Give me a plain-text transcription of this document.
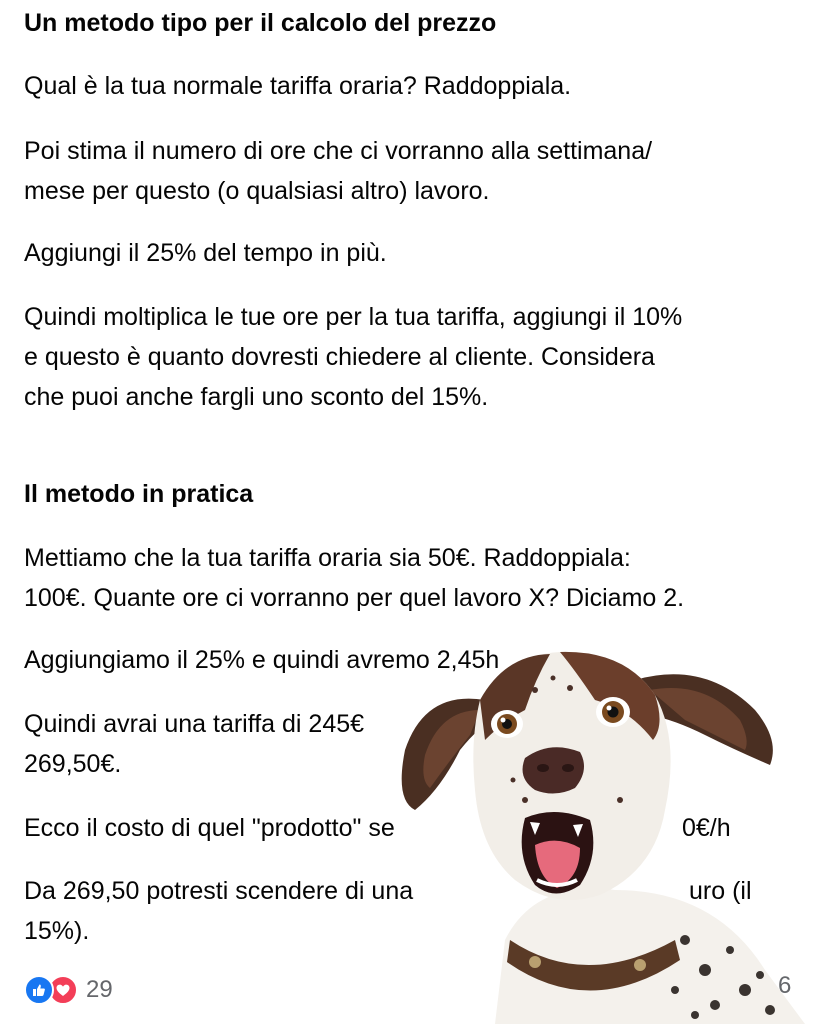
Un metodo tipo per il calcolo del prezzo
Qual è la tua normale tariffa oraria? Raddoppiala.
Poi stima il numero di ore che ci vorranno alla settimana/
mese per questo (o qualsiasi altro) lavoro.
Aggiungi il 25% del tempo in più.
Quindi moltiplica le tue ore per la tua tariffa, aggiungi il 10%
e questo è quanto dovresti chiedere al cliente. Considera
che puoi anche fargli uno sconto del 15%.
Il metodo in pratica
Mettiamo che la tua tariffa oraria sia 50€. Raddoppiala:
100€. Quante ore ci vorranno per quel lavoro X? Diciamo 2.
Aggiungiamo il 25% e quindi avremo 2,45h
Quindi avrai una tariffa di 245€
269,50€.
Ecco il costo di quel "prodotto" se	0€/h
Da 269,50 potresti scendere di una	uro (il
15%).
29	6
